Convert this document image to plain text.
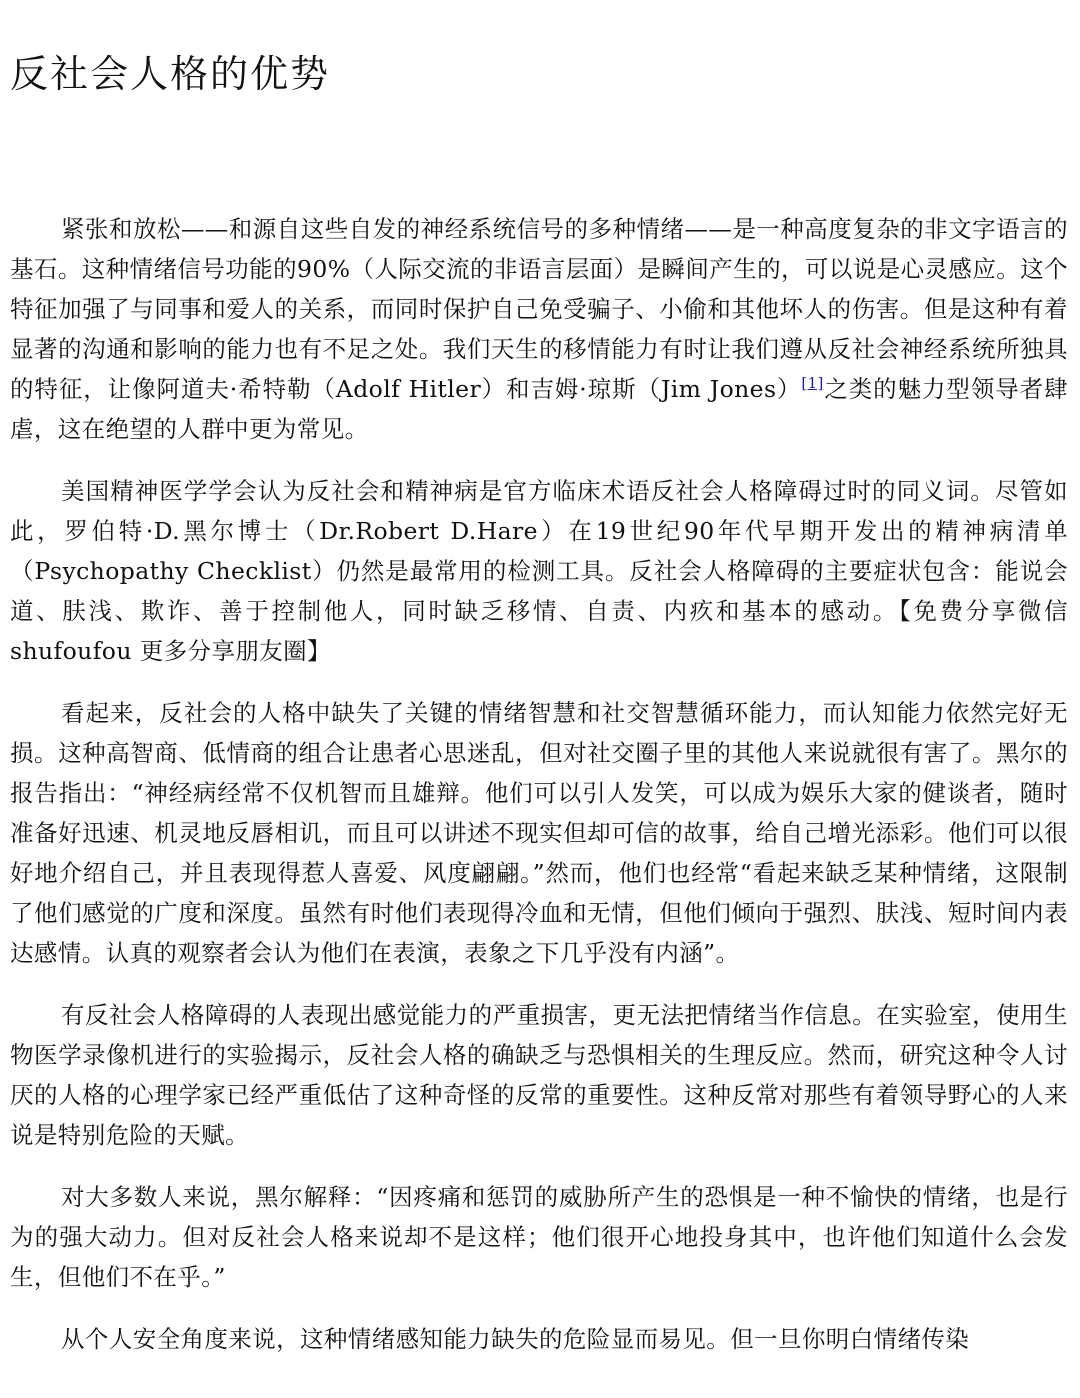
反社会人格的优势

紧张和放松——和源自这些自发的神经系统信号的多种情绪——是一种高度复杂的非文字语言的基石。这种情绪信号功能的90%（人际交流的非语言层面）是瞬间产生的，可以说是心灵感应。这个特征加强了与同事和爱人的关系，而同时保护自己免受骗子、小偷和其他坏人的伤害。但是这种有着显著的沟通和影响的能力也有不足之处。我们天生的移情能力有时让我们遵从反社会神经系统所独具的特征，让像阿道夫·希特勒（Adolf Hitler）和吉姆·琼斯（Jim Jones）[1]之类的魅力型领导者肆虐，这在绝望的人群中更为常见。

美国精神医学学会认为反社会和精神病是官方临床术语反社会人格障碍过时的同义词。尽管如此，罗伯特·D.黑尔博士（Dr.Robert D.Hare）在19世纪90年代早期开发出的精神病清单（Psychopathy Checklist）仍然是最常用的检测工具。反社会人格障碍的主要症状包含：能说会道、肤浅、欺诈、善于控制他人，同时缺乏移情、自责、内疚和基本的感动。【免费分享微信shufoufou 更多分享朋友圈】

看起来，反社会的人格中缺失了关键的情绪智慧和社交智慧循环能力，而认知能力依然完好无损。这种高智商、低情商的组合让患者心思迷乱，但对社交圈子里的其他人来说就很有害了。黑尔的报告指出：“神经病经常不仅机智而且雄辩。他们可以引人发笑，可以成为娱乐大家的健谈者，随时准备好迅速、机灵地反唇相讥，而且可以讲述不现实但却可信的故事，给自己增光添彩。他们可以很好地介绍自己，并且表现得惹人喜爱、风度翩翩。”然而，他们也经常“看起来缺乏某种情绪，这限制了他们感觉的广度和深度。虽然有时他们表现得冷血和无情，但他们倾向于强烈、肤浅、短时间内表达感情。认真的观察者会认为他们在表演，表象之下几乎没有内涵”。

有反社会人格障碍的人表现出感觉能力的严重损害，更无法把情绪当作信息。在实验室，使用生物医学录像机进行的实验揭示，反社会人格的确缺乏与恐惧相关的生理反应。然而，研究这种令人讨厌的人格的心理学家已经严重低估了这种奇怪的反常的重要性。这种反常对那些有着领导野心的人来说是特别危险的天赋。

对大多数人来说，黑尔解释：“因疼痛和惩罚的威胁所产生的恐惧是一种不愉快的情绪，也是行为的强大动力。但对反社会人格来说却不是这样；他们很开心地投身其中，也许他们知道什么会发生，但他们不在乎。”

从个人安全角度来说，这种情绪感知能力缺失的危险显而易见。但一旦你明白情绪传染
